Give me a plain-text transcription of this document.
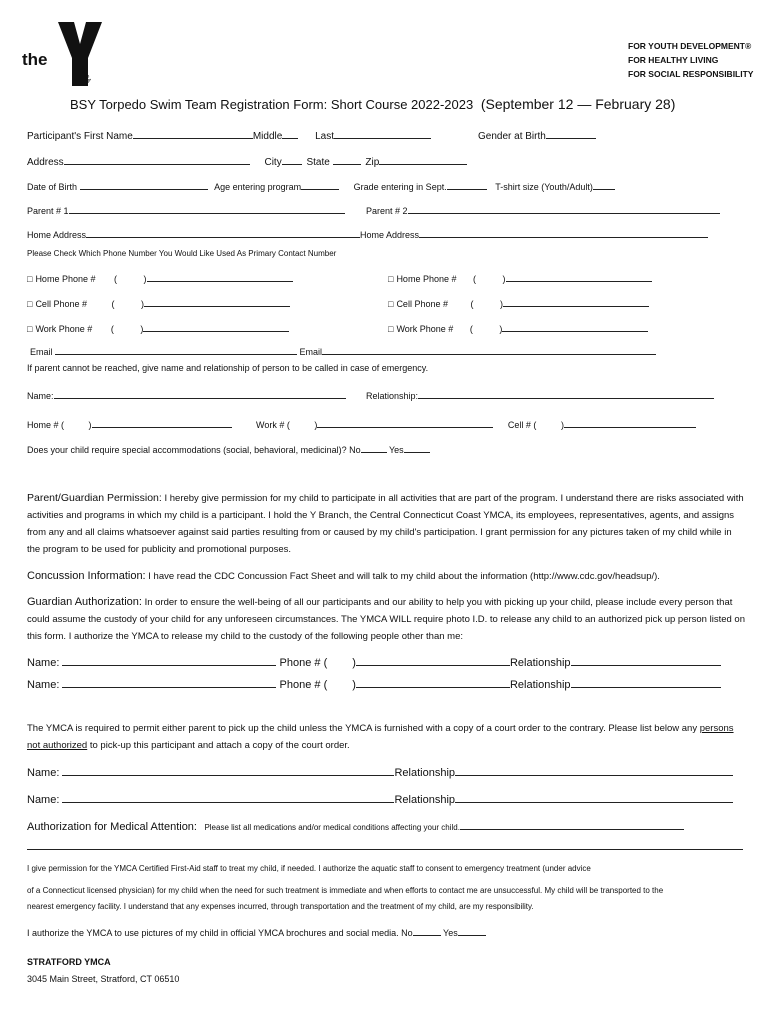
the
YMCA
FOR YOUTH DEVELOPMENT®
FOR HEALTHY LIVING
FOR SOCIAL RESPONSIBILITY
BSY Torpedo Swim Team Registration Form: Short Course 2022-2023 (September 12 — February 28)
Participant's First Name	Middle	Last	Gender at Birth
Address	City State	Zip
Date of Birth	Age entering program	Grade entering in Sept.	T-shirt size (Youth/Adult)
Parent # 1	Parent # 2
Home Address	Home Address
Please Check Which Phone Number You Would Like Used As Primary Contact Number
□ Home Phone # (	)	□ Home Phone # (	)
□ Cell Phone #	(	)	□ Cell Phone #	(	)
□ Work Phone # (	)	□ Work Phone # (	)
Email	Email
If parent cannot be reached, give name and relationship of person to be called in case of emergency.
Name:	Relationship:
Home # (	)	Work # (	)	Cell # (	)
Does your child require special accommodations (social, behavioral, medicinal)? No	Yes
Parent/Guardian Permission: I hereby give permission for my child to participate in all activities that are part of the program. I understand there are risks associated with activities and programs in which my child is a participant. I hold the Y Branch, the Central Connecticut Coast YMCA, its employees, representatives, agents, and assigns from any and all claims whatsoever against said parties resulting from or caused by my child's participation. I grant permission for any pictures taken of my child while in the program to be used for publicity and promotional purposes.
Concussion Information: I have read the CDC Concussion Fact Sheet and will talk to my child about the information (http://www.cdc.gov/headsup/).
Guardian Authorization: In order to ensure the well-being of all our participants and our ability to help you with picking up your child, please include every person that could assume the custody of your child for any unforeseen circumstances. The YMCA WILL require photo I.D. to release any child to an authorized pick up person listed on this form. I authorize the YMCA to release my child to the custody of the following people other than me:
Name:	Phone # ( )	Relationship
Name:	Phone # ( )	Relationship
The YMCA is required to permit either parent to pick up the child unless the YMCA is furnished with a copy of a court order to the contrary. Please list below any persons not authorized to pick-up this participant and attach a copy of the court order.
Name:	Relationship
Name:	Relationship
Authorization for Medical Attention: Please list all medications and/or medical conditions affecting your child.
I give permission for the YMCA Certified First-Aid staff to treat my child, if needed. I authorize the aquatic staff to consent to emergency treatment (under advice
of a Connecticut licensed physician) for my child when the need for such treatment is immediate and when efforts to contact me are unsuccessful. My child will be transported to the
nearest emergency facility. I understand that any expenses incurred, through transportation and the treatment of my child, are my responsibility.
I authorize the YMCA to use pictures of my child in official YMCA brochures and social media. No	Yes
STRATFORD YMCA
3045 Main Street, Stratford, CT 06510
